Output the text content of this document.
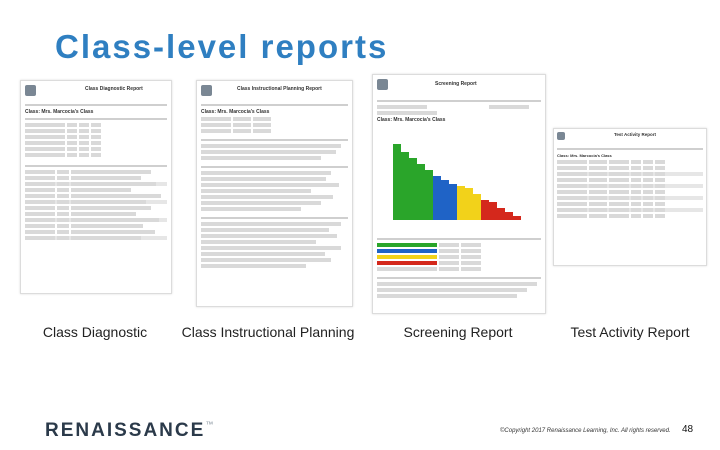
Class-level reports
Class Diagnostic Report
Class: Mrs. Marcocia's Class
Class Diagnostic
Class Instructional Planning Report
Class: Mrs. Marcocia's Class
Class Instructional Planning
Screening Report
Class: Mrs. Marcocia's Class
Screening Report
Test Activity Report
Class: Mrs. Marcocia's Class
Test Activity Report
RENAISSANCE™
©Copyright 2017 Renaissance Learning, Inc. All rights reserved. 48
